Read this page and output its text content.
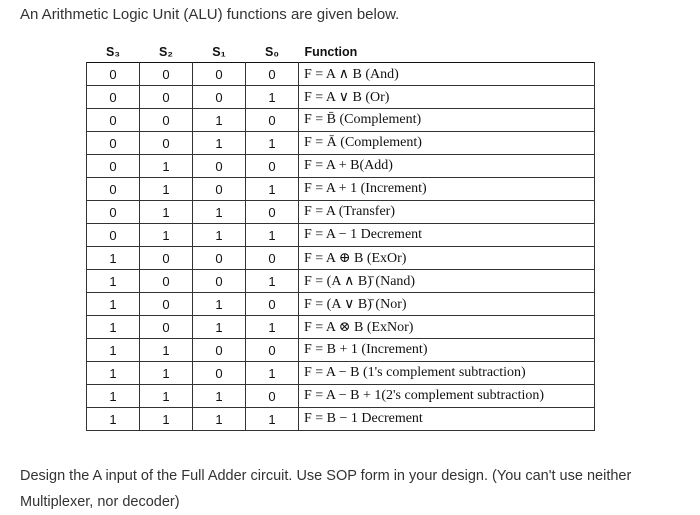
An Arithmetic Logic Unit (ALU) functions are given below.
S₃	S₂	S₁	S₀	Function
0	0	0	0	F = A ∧ B (And)
0	0	0	1	F = A ∨ B (Or)
0	0	1	0	F = B̄ (Complement)
0	0	1	1	F = Ā (Complement)
0	1	0	0	F = A + B(Add)
0	1	0	1	F = A + 1 (Increment)
0	1	1	0	F = A (Transfer)
0	1	1	1	F = A − 1 Decrement
1	0	0	0	F = A ⊕ B (ExOr)
1	0	0	1	F = (A ∧ B)̄ (Nand)
1	0	1	0	F = (A ∨ B)̄ (Nor)
1	0	1	1	F = A ⊗ B (ExNor)
1	1	0	0	F = B + 1 (Increment)
1	1	0	1	F = A − B (1's complement subtraction)
1	1	1	0	F = A − B + 1(2's complement subtraction)
1	1	1	1	F = B − 1 Decrement
Design the A input of the Full Adder circuit. Use SOP form in your design. (You can't use neither Multiplexer, nor decoder)
